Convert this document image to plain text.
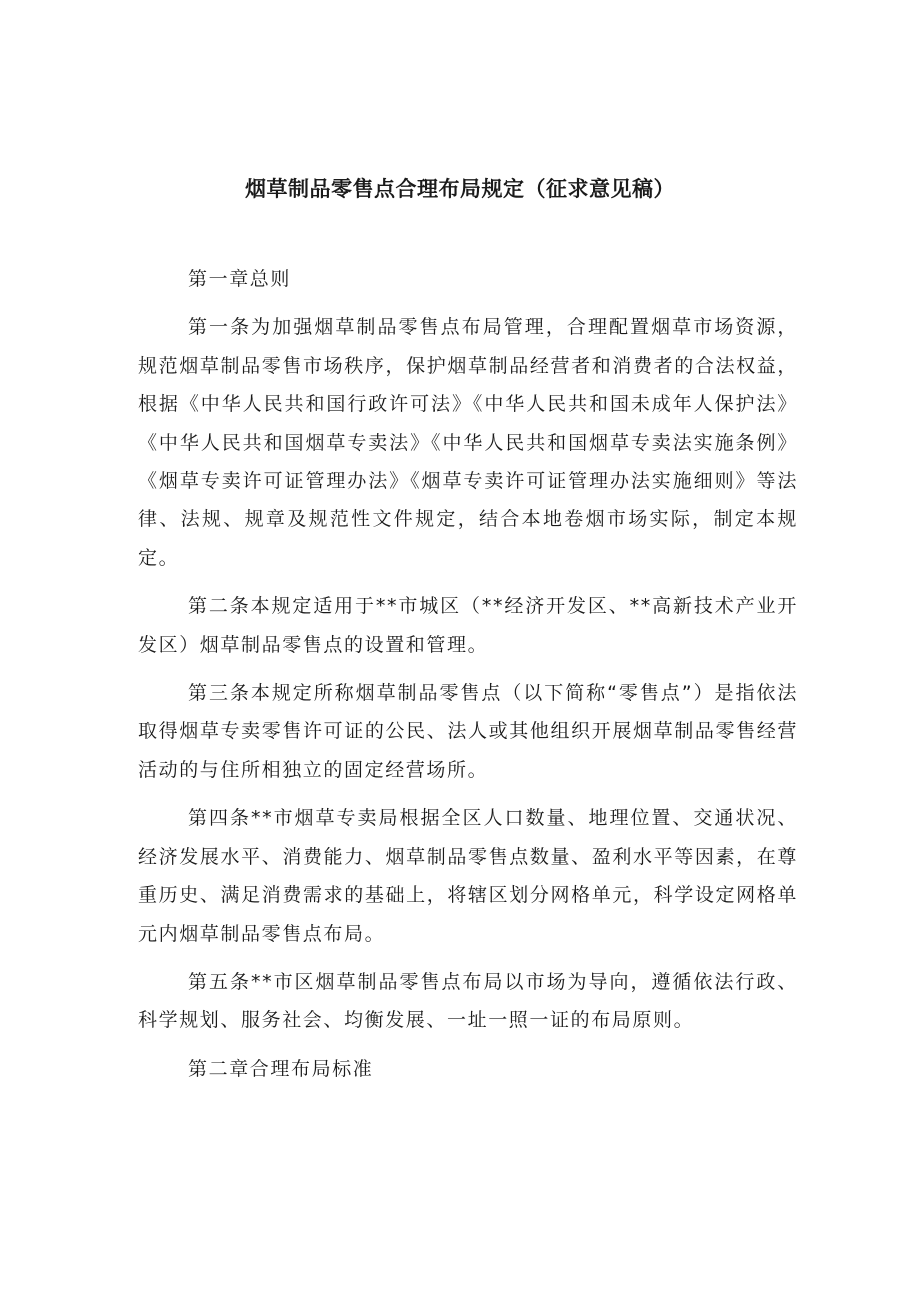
烟草制品零售点合理布局规定（征求意见稿）

第一章总则

第一条为加强烟草制品零售点布局管理，合理配置烟草市场资源，规范烟草制品零售市场秩序，保护烟草制品经营者和消费者的合法权益，根据《中华人民共和国行政许可法》《中华人民共和国未成年人保护法》《中华人民共和国烟草专卖法》《中华人民共和国烟草专卖法实施条例》《烟草专卖许可证管理办法》《烟草专卖许可证管理办法实施细则》等法律、法规、规章及规范性文件规定，结合本地卷烟市场实际，制定本规定。

第二条本规定适用于**市城区（**经济开发区、**高新技术产业开发区）烟草制品零售点的设置和管理。

第三条本规定所称烟草制品零售点（以下简称“零售点”）是指依法取得烟草专卖零售许可证的公民、法人或其他组织开展烟草制品零售经营活动的与住所相独立的固定经营场所。

第四条**市烟草专卖局根据全区人口数量、地理位置、交通状况、经济发展水平、消费能力、烟草制品零售点数量、盈利水平等因素，在尊重历史、满足消费需求的基础上，将辖区划分网格单元，科学设定网格单元内烟草制品零售点布局。

第五条**市区烟草制品零售点布局以市场为导向，遵循依法行政、科学规划、服务社会、均衡发展、一址一照一证的布局原则。

第二章合理布局标准
